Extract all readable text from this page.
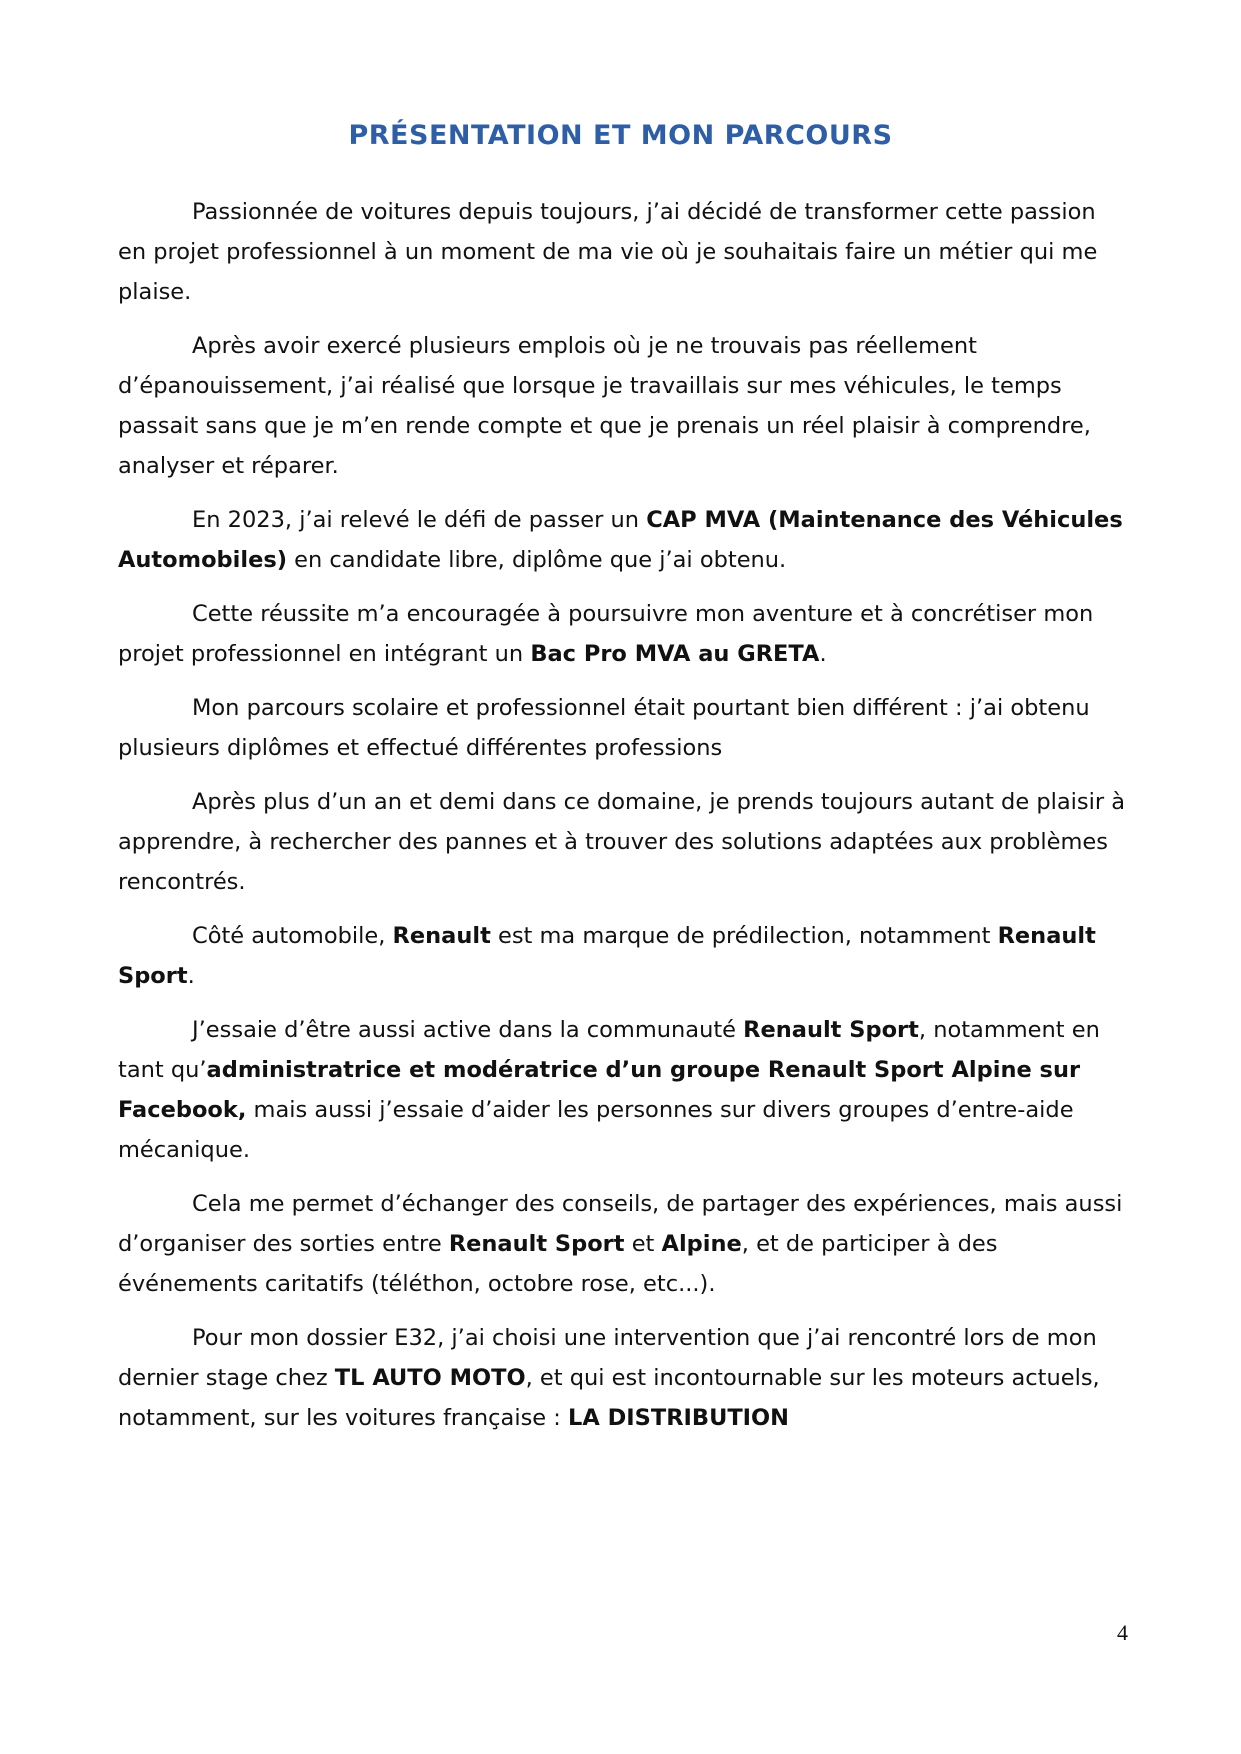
PRÉSENTATION ET MON PARCOURS

Passionnée de voitures depuis toujours, j’ai décidé de transformer cette passion en projet professionnel à un moment de ma vie où je souhaitais faire un métier qui me plaise.

Après avoir exercé plusieurs emplois où je ne trouvais pas réellement d’épanouissement, j’ai réalisé que lorsque je travaillais sur mes véhicules, le temps passait sans que je m’en rende compte et que je prenais un réel plaisir à comprendre, analyser et réparer.

En 2023, j’ai relevé le défi de passer un CAP MVA (Maintenance des Véhicules Automobiles) en candidate libre, diplôme que j’ai obtenu.

Cette réussite m’a encouragée à poursuivre mon aventure et à concrétiser mon projet professionnel en intégrant un Bac Pro MVA au GRETA.

Mon parcours scolaire et professionnel était pourtant bien différent : j’ai obtenu plusieurs diplômes et effectué différentes professions

Après plus d’un an et demi dans ce domaine, je prends toujours autant de plaisir à apprendre, à rechercher des pannes et à trouver des solutions adaptées aux problèmes rencontrés.

Côté automobile, Renault est ma marque de prédilection, notamment Renault Sport.

J’essaie d’être aussi active dans la communauté Renault Sport, notamment en tant qu’administratrice et modératrice d’un groupe Renault Sport Alpine sur Facebook, mais aussi j’essaie d’aider les personnes sur divers groupes d’entre-aide mécanique.

Cela me permet d’échanger des conseils, de partager des expériences, mais aussi d’organiser des sorties entre Renault Sport et Alpine, et de participer à des événements caritatifs (téléthon, octobre rose, etc...).

Pour mon dossier E32, j’ai choisi une intervention que j’ai rencontré lors de mon dernier stage chez TL AUTO MOTO, et qui est incontournable sur les moteurs actuels, notamment, sur les voitures française : LA DISTRIBUTION

4
